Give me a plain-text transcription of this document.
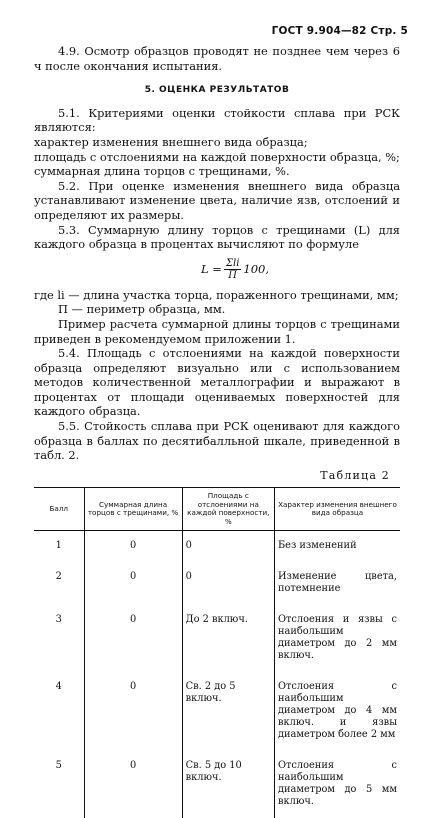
ГОСТ 9.904—82 Стр. 5

4.9. Осмотр образцов проводят не позднее чем через 6 ч после окончания испытания.

5. ОЦЕНКА РЕЗУЛЬТАТОВ

5.1. Критериями оценки стойкости сплава при РСК являются:

характер изменения внешнего вида образца;

площадь с отслоениями на каждой поверхности образца, %;

суммарная длина торцов с трещинами, %.

5.2. При оценке изменения внешнего вида образца устанавливают изменение цвета, наличие язв, отслоений и определяют их размеры.

5.3. Суммарную длину торцов с трещинами (L) для каждого образца в процентах вычисляют по формуле

$L = \frac{\text{Σli}}{П} 100$,

где li — длина участка торца, пораженного трещинами, мм;

П — периметр образца, мм.

Пример расчета суммарной длины торцов с трещинами приведен в рекомендуемом приложении 1.

5.4. Площадь с отслоениями на каждой поверхности образца определяют визуально или с использованием методов количественной металлографии и выражают в процентах от площади оцениваемых поверхностей для каждого образца.

5.5. Стойкость сплава при РСК оценивают для каждого образца в баллах по десятибалльной шкале, приведенной в табл. 2.

Таблица 2
Балл	Суммарная длина торцов с трещинами, %	Площадь с отслоениями на каждой поверхности, %	Характер изменения внешнего вида образца
1	0	0	Без изменений
2	0	0	Изменение цвета, потемнение
3	0	До 2 включ.	Отслоения и язвы с наибольшим диаметром до 2 мм включ.
4	0	Св. 2 до 5 включ.	Отслоения с наибольшим диаметром до 4 мм включ. и язвы диаметром более 2 мм
5	0	Св. 5 до 10 включ.	Отслоения с наибольшим диаметром до 5 мм включ.
